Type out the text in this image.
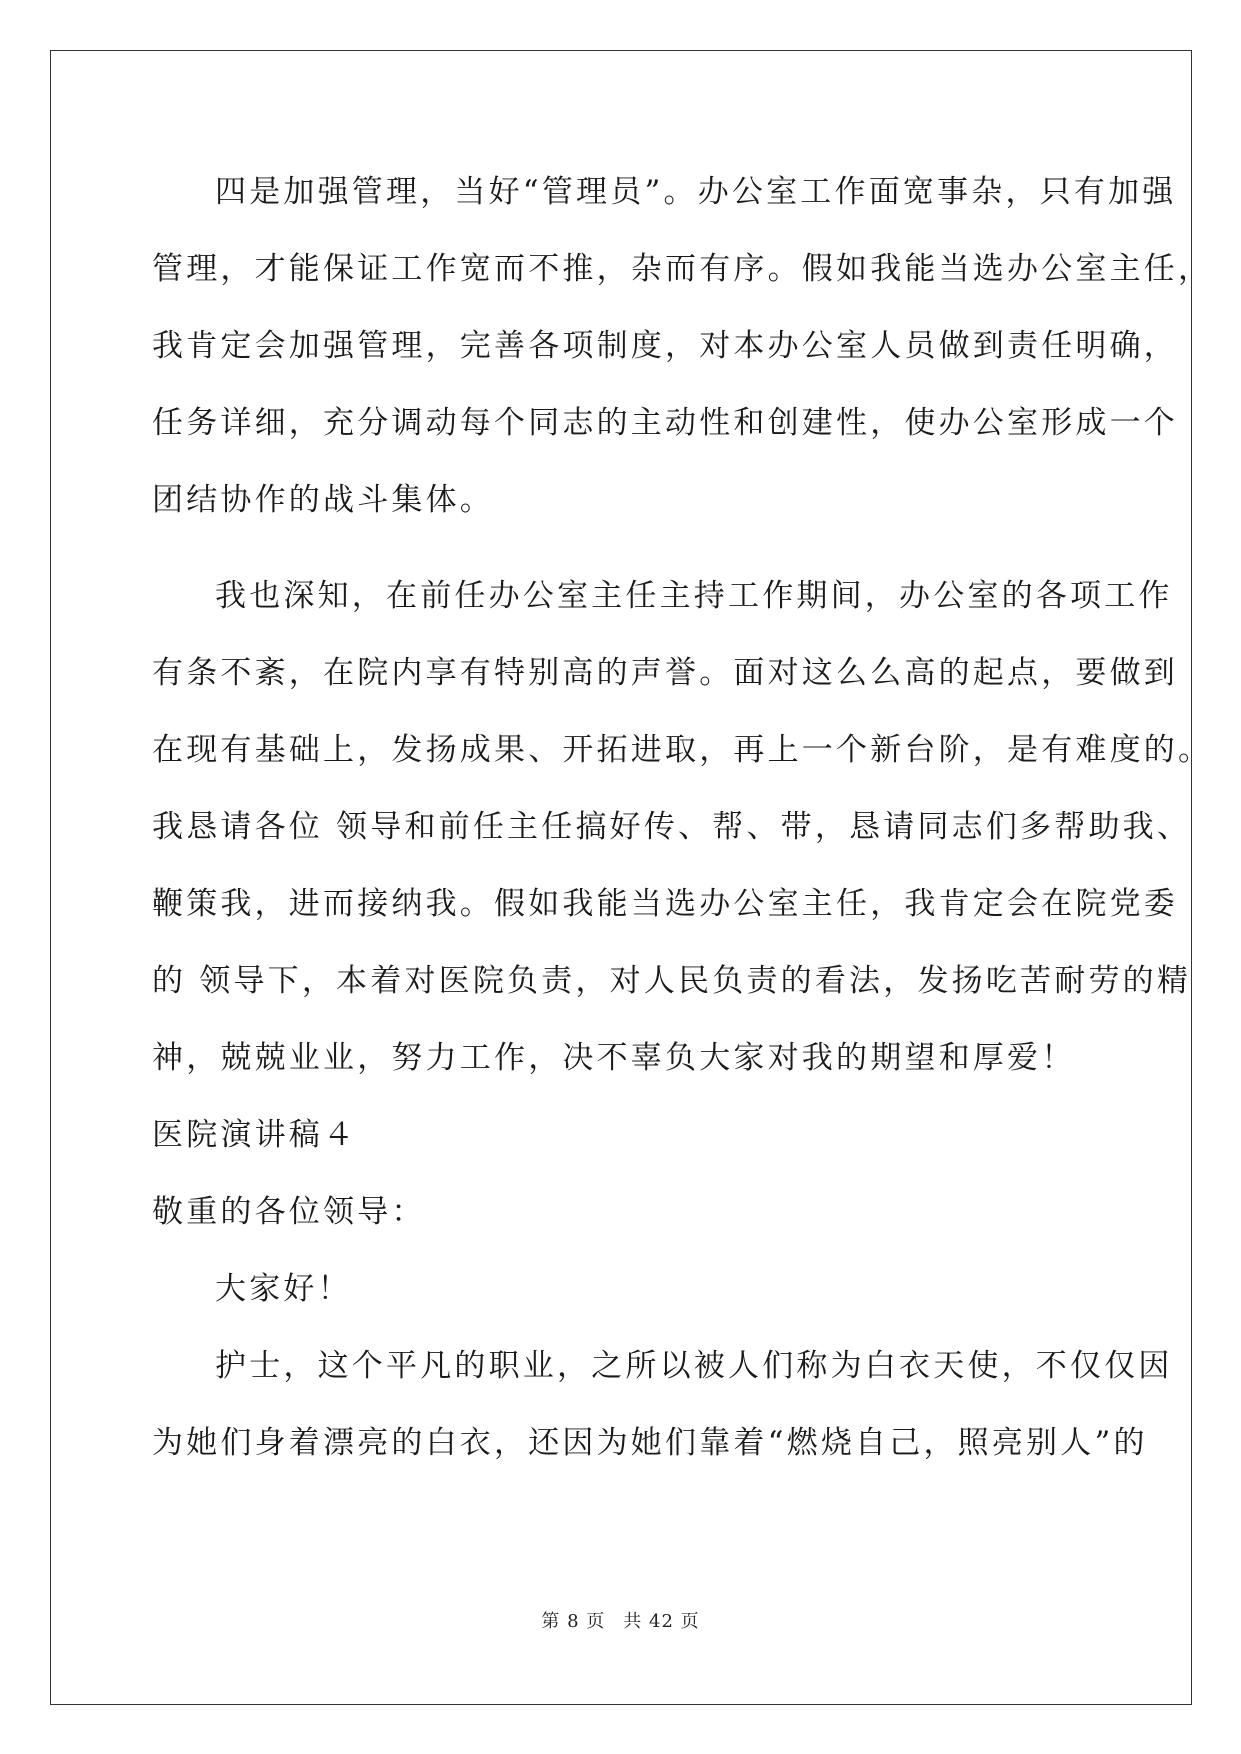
四是加强管理，当好“管理员”。办公室工作面宽事杂，只有加强
管理，才能保证工作宽而不推，杂而有序。假如我能当选办公室主任，
我肯定会加强管理，完善各项制度，对本办公室人员做到责任明确，
任务详细，充分调动每个同志的主动性和创建性，使办公室形成一个
团结协作的战斗集体。
我也深知，在前任办公室主任主持工作期间，办公室的各项工作
有条不紊，在院内享有特别高的声誉。面对这么么高的起点，要做到
在现有基础上，发扬成果、开拓进取，再上一个新台阶，是有难度的。
我恳请各位 领导和前任主任搞好传、帮、带，恳请同志们多帮助我、
鞭策我，进而接纳我。假如我能当选办公室主任，我肯定会在院党委
的 领导下，本着对医院负责，对人民负责的看法，发扬吃苦耐劳的精
神，兢兢业业，努力工作，决不辜负大家对我的期望和厚爱！
医院演讲稿４
敬重的各位领导：
大家好！
护士，这个平凡的职业，之所以被人们称为白衣天使，不仅仅因
为她们身着漂亮的白衣，还因为她们靠着“燃烧自己，照亮别人”的
第 8 页 共 42 页
